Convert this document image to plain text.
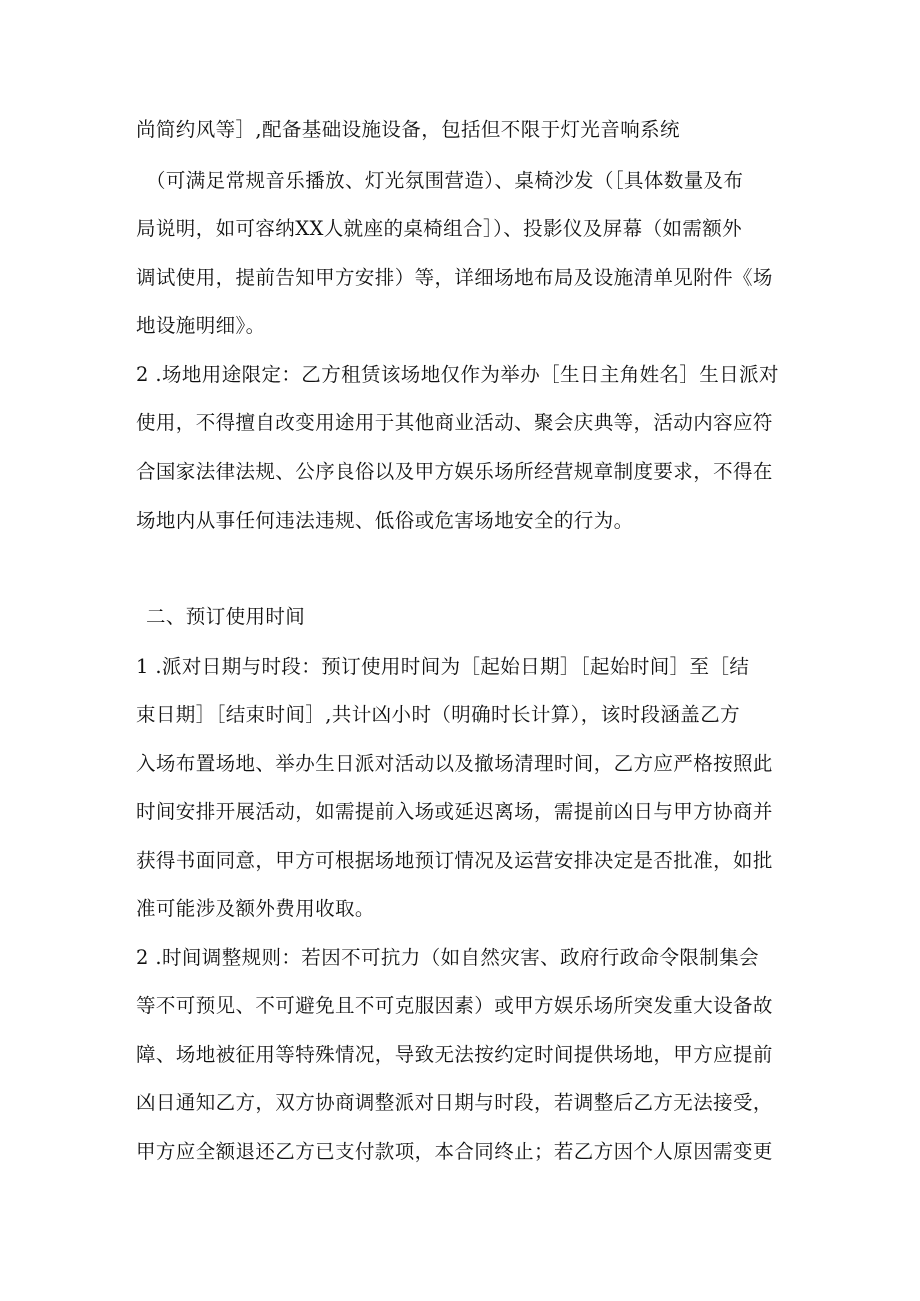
尚简约风等］,配备基础设施设备，包括但不限于灯光音响系统
（可满足常规音乐播放、灯光氛围营造）、桌椅沙发（［具体数量及布
局说明，如可容纳XX人就座的桌椅组合］）、投影仪及屏幕（如需额外
调试使用，提前告知甲方安排）等，详细场地布局及设施清单见附件《场
地设施明细》。
2 .场地用途限定：乙方租赁该场地仅作为举办［生日主角姓名］生日派对
使用，不得擅自改变用途用于其他商业活动、聚会庆典等，活动内容应符
合国家法律法规、公序良俗以及甲方娱乐场所经营规章制度要求，不得在
场地内从事任何违法违规、低俗或危害场地安全的行为。
二、预订使用时间
1 .派对日期与时段：预订使用时间为［起始日期］［起始时间］至［结
束日期］［结束时间］,共计凶小时（明确时长计算），该时段涵盖乙方
入场布置场地、举办生日派对活动以及撤场清理时间，乙方应严格按照此
时间安排开展活动，如需提前入场或延迟离场，需提前凶日与甲方协商并
获得书面同意，甲方可根据场地预订情况及运营安排决定是否批准，如批
准可能涉及额外费用收取。
2 .时间调整规则：若因不可抗力（如自然灾害、政府行政命令限制集会
等不可预见、不可避免且不可克服因素）或甲方娱乐场所突发重大设备故
障、场地被征用等特殊情况，导致无法按约定时间提供场地，甲方应提前
凶日通知乙方，双方协商调整派对日期与时段，若调整后乙方无法接受，
甲方应全额退还乙方已支付款项，本合同终止；若乙方因个人原因需变更
